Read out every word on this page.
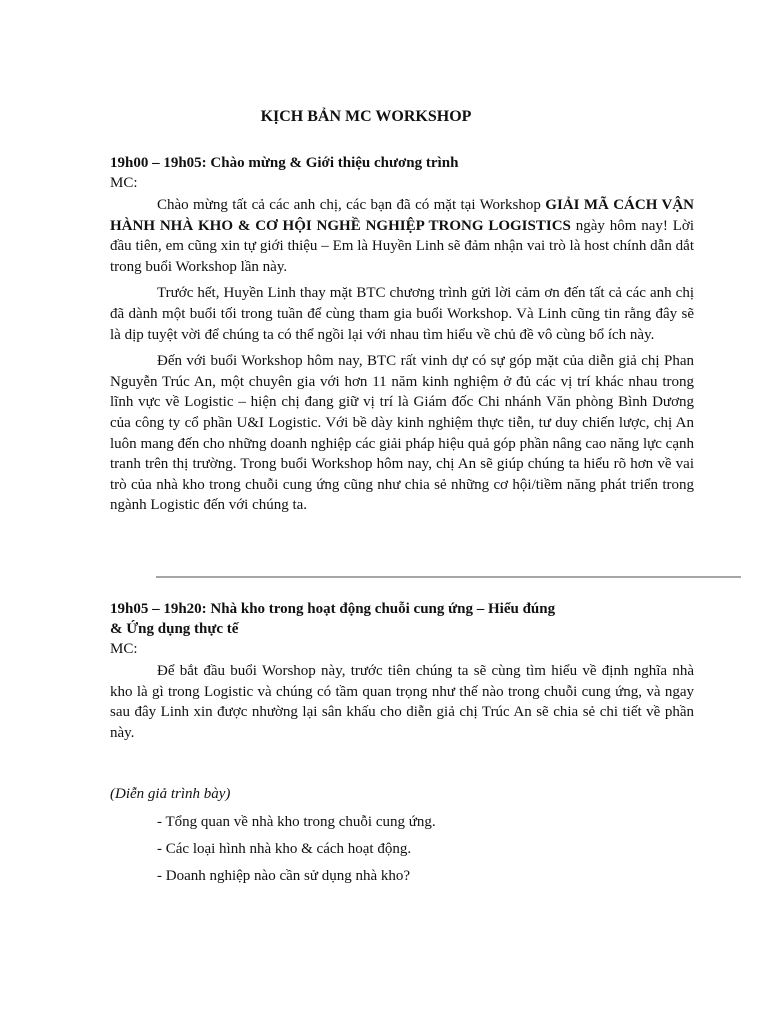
KỊCH BẢN MC WORKSHOP

19h00 – 19h05: Chào mừng & Giới thiệu chương trình

MC:

Chào mừng tất cả các anh chị, các bạn đã có mặt tại Workshop GIẢI MÃ CÁCH VẬN HÀNH NHÀ KHO & CƠ HỘI NGHỀ NGHIỆP TRONG LOGISTICS ngày hôm nay! Lời đầu tiên, em cũng xin tự giới thiệu – Em là Huyền Linh sẽ đảm nhận vai trò là host chính dẫn dắt trong buổi Workshop lần này.

Trước hết, Huyền Linh thay mặt BTC chương trình gửi lời cảm ơn đến tất cả các anh chị đã dành một buổi tối trong tuần để cùng tham gia buổi Workshop. Và Linh cũng tin rằng đây sẽ là dịp tuyệt vời để chúng ta có thể ngồi lại với nhau tìm hiểu về chủ đề vô cùng bổ ích này.

Đến với buổi Workshop hôm nay, BTC rất vinh dự có sự góp mặt của diễn giả chị Phan Nguyễn Trúc An, một chuyên gia với hơn 11 năm kinh nghiệm ở đủ các vị trí khác nhau trong lĩnh vực về Logistic – hiện chị đang giữ vị trí là Giám đốc Chi nhánh Văn phòng Bình Dương của công ty cổ phần U&I Logistic. Với bề dày kinh nghiệm thực tiễn, tư duy chiến lược, chị An luôn mang đến cho những doanh nghiệp các giải pháp hiệu quả góp phần nâng cao năng lực cạnh tranh trên thị trường. Trong buổi Workshop hôm nay, chị An sẽ giúp chúng ta hiểu rõ hơn về vai trò của nhà kho trong chuỗi cung ứng cũng như chia sẻ những cơ hội/tiềm năng phát triển trong ngành Logistic đến với chúng ta.

19h05 – 19h20: Nhà kho trong hoạt động chuỗi cung ứng – Hiểu đúng
& Ứng dụng thực tế

MC:

Để bắt đầu buổi Worshop này, trước tiên chúng ta sẽ cùng tìm hiểu về định nghĩa nhà kho là gì trong Logistic và chúng có tầm quan trọng như thế nào trong chuỗi cung ứng, và ngay sau đây Linh xin được nhường lại sân khấu cho diễn giả chị Trúc An sẽ chia sẻ chi tiết về phần này.

(Diễn giả trình bày)

- Tổng quan về nhà kho trong chuỗi cung ứng.
- Các loại hình nhà kho & cách hoạt động.
- Doanh nghiệp nào cần sử dụng nhà kho?
